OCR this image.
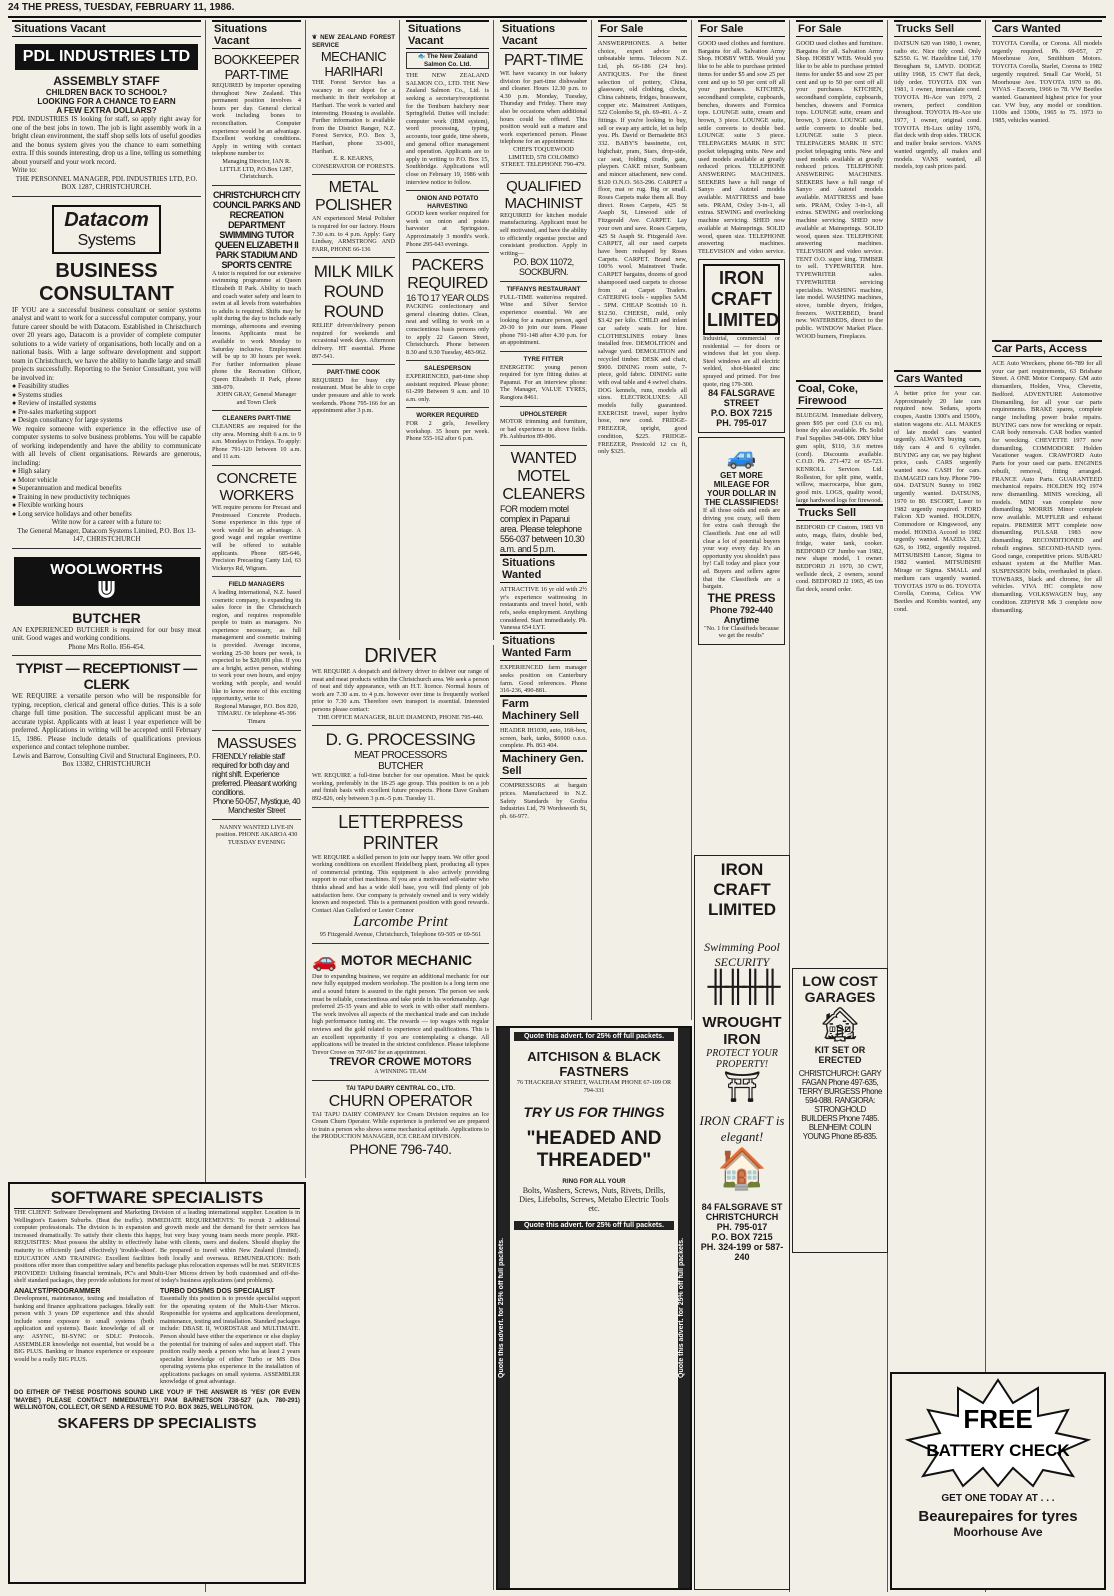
24 THE PRESS, TUESDAY, FEBRUARY 11, 1986.
Situations Vacant
PDL INDUSTRIES LTD
ASSEMBLY STAFF
CHILDREN BACK TO SCHOOL?
LOOKING FOR A CHANCE TO EARN
A FEW EXTRA DOLLARS?
PDL INDUSTRIES IS looking for staff, so apply right away for one of the best jobs in town. The job is light assembly work in a bright clean environment, the staff shop sells lots of useful goodies and the bonus system gives you the chance to earn something extra. If this sounds interesting, drop us a line, telling us something about yourself and your work record.
Write to:
THE PERSONNEL MANAGER, PDL INDUSTRIES LTD, P.O. BOX 1287, CHRISTCHURCH.
Datacom
Systems
BUSINESS
CONSULTANT
IF YOU are a successful business consultant or senior systems analyst and want to work for a successful computer company, your future career should be with Datacom. Established in Christchurch over 20 years ago, Datacom is a provider of complete computer solutions to a wide variety of organisations, both locally and on a national basis. With a large software development and support team in Christchurch, we have the ability to handle large and small projects successfully. Reporting to the Senior Consultant, you will be involved in:
● Feasibility studies
● Systems studies
● Review of installed systems
● Pre-sales marketing support
● Design consultancy for large systems
We require someone with experience in the effective use of computer systems to solve business problems. You will be capable of working independently and have the ability to communicate with all levels of client organisations. Rewards are generous, including:
● High salary
● Motor vehicle
● Superannuation and medical benefits
● Training in new productivity techniques
● Flexible working hours
● Long service holidays and other benefits
Write now for a career with a future to:
The General Manager, Datacom Systems Limited, P.O. Box 13-147, CHRISTCHURCH
WOOLWORTHS
⋓
BUTCHER
AN EXPERIENCED BUTCHER is required for our busy meat unit. Good wages and working conditions.
Phone Mrs Rollo. 856-454.
TYPIST — RECEPTIONIST — CLERK
WE REQUIRE a versatile person who will be responsible for typing, reception, clerical and general office duties. This is a sole charge full time position. The successful applicant must be an accurate typist. Applicants with at least 1 year experience will be preferred. Applications in writing will be accepted until February 15, 1986. Please include details of qualifications previous experience and contact telephone number.
Lewis and Barrow, Consulting Civil and Structural Engineers, P.O. Box 13382, CHRISTCHURCH
SOFTWARE SPECIALISTS
THE CLIENT: Software Development and Marketing Division of a leading international supplier. Location is in Wellington's Eastern Suburbs. (Beat the traffic). IMMEDIATE REQUIREMENTS: To recruit 2 additional computer professionals. The division is in expansion and growth mode and the demand for their services has increased dramatically. To satisfy their clients this happy, but very busy young team needs more people. PRE-REQUISITES: Must possess the ability to effectively liaise with clients, users and dealers. Should display the maturity to efficiently (and effectively) 'trouble-shoot'. Be prepared to travel within New Zealand (limited). EDUCATION AND TRAINING: Excellent facilities both locally and overseas. REMUNERATION: Both positions offer more than competitive salary and benefits package plus relocation expenses will be met. SERVICES PROVIDED: Utilising financial terminals, PC's and Multi-User Micros driven by both customised and off-the-shelf standard packages, they provide solutions for most of today's business applications (and problems).
ANALYST/PROGRAMMER
Development, maintenance, testing and installation of banking and finance applications packages. Ideally suit person with 3 years DP experience and this should include some exposure to small systems (both application and systems). Basic knowledge of all or any: ASYNC, BI-SYNC or SDLC Protocols. ASSEMBLER knowledge not essential, but would be a BIG PLUS. Banking or finance experience or exposure would be a really BIG PLUS.
TURBO DOS/MS DOS SPECIALIST
Essentially this position is to provide specialist support for the operating system of the Multi-User Micros. Responsible for systems and applications development, maintenance, testing and installation. Standard packages include: DBASE II, WORDSTAR and MULTIMATE. Person should have either the experience or else display the potential for training of sales and support staff. This position really needs a person who has at least 2 years specialist knowledge of either Turbo or MS Dos operating systems plus experience in the installation of applications packages on small systems. ASSEMBLER knowledge of great advantage.
DO EITHER OF THESE POSITIONS SOUND LIKE YOU? IF THE ANSWER IS 'YES' (OR EVEN 'MAYBE') PLEASE CONTACT IMMEDIATELY!! PAM BARNETSON 738-527 (a.h. 780-291) WELLINGTON, COLLECT, OR SEND A RESUME TO P.O. BOX 3625, WELLINGTON.
SKAFERS DP SPECIALISTS
Situations Vacant
BOOKKEEPER PART-TIME
REQUIRED by importer operating throughout New Zealand. This permanent position involves 4 hours per day. General clerical work including bones to reconciliation. Computer experience would be an advantage. Excellent working conditions. Apply in writing with contact telephone number to:
Managing Director, IAN R. LITTLE LTD, P.O.Box 1287, Christchurch.
CHRISTCHURCH CITY COUNCIL PARKS AND RECREATION DEPARTMENT SWIMMING TUTOR QUEEN ELIZABETH II PARK STADIUM AND SPORTS CENTRE
A tutor is required for our extensive swimming programme at Queen Elizabeth II Park. Ability to teach and coach water safety and learn to swim at all levels from waterbabies to adults is required. Shifts may be split during the day to include early mornings, afternoons and evening lessons. Applicants must be available to work Monday to Saturday inclusive. Employment will be up to 30 hours per week. For further information please phone the Recreation Officer, Queen Elizabeth II Park, phone 388-079.
JOHN GRAY, General Manager and Town Clerk
CLEANERS PART-TIME
CLEANERS are required for the city area. Morning shift 6 a.m. to 9 a.m. Mondays to Fridays. To apply: Phone 791-120 between 10 a.m. and 11 a.m.
CONCRETE WORKERS
WE require persons for Precast and Prestressed Concrete Products. Some experience in this type of work would be an advantage. A good wage and regular overtime will be offered to suitable applicants. Phone 685-646, Precision Precasting Canty Ltd, 63 Vickerys Rd, Wigram.
FIELD MANAGERS
A leading international, N.Z. based cosmetic company, is expanding its sales force in the Christchurch region, and requires responsible people to train as managers. No experience necessary, as full management and cosmetic training is provided. Average income, working 25-30 hours per week, is expected to be $20,000 plus. If you are a bright, active person, wishing to work your own hours, and enjoy working with people, and would like to know more of this exciting opportunity, write to:
Regional Manager, P.O. Box 820, TIMARU. Or telephone 45-396 Timaru
MASSUSES
FRIENDLY reliable staff required for both day and night shift. Experience preferred. Pleasant working conditions.
Phone 50-057, Mystique, 40 Manchester Street
NANNY WANTED LIVE-IN position. PHONE AKAROA 430 TUESDAY EVENING
❦ NEW ZEALAND FOREST SERVICE
MECHANIC HARIHARI
THE Forest Service has a vacancy in our depot for a mechanic in their workshop at Harihari. The work is varied and interesting. Housing is available. Further information is available from the District Ranger, N.Z. Forest Service, P.O. Box 3, Harihari, phone 33-001, Harihari.
E. R. KEARNS, CONSERVATOR OF FORESTS.
METAL POLISHER
AN experienced Metal Polisher is required for our factory. Hours 7.30 a.m. to 4 p.m. Apply: Gary Lindsay, ARMSTRONG AND FARR, PHONE 66-136
MILK MILK ROUND ROUND
RELIEF driver/delivery person required for weekends and occasional week days. Afternoon delivery. HT essential. Phone 897-541.
PART-TIME COOK
REQUIRED for busy city restaurant. Must be able to cope under pressure and able to work weekends. Phone 795-166 for an appointment after 3 p.m.
Situations Vacant
🐟 The New Zealand Salmon Co. Ltd.
THE NEW ZEALAND SALMON CO., LTD. THE New Zealand Salmon Co., Ltd. is seeking a secretary/receptionist for the Tentburn hatchery near Springfield. Duties will include: computer work (IBM system), word processing, typing, accounts, tour guide, time sheets, and general office management and operation. Applicants are to apply in writing to P.O. Box 15, Southbridge. Applications will close on February 19, 1986 with interview notice to follow.
ONION AND POTATO HARVESTING
GOOD keen worker required for work on onion and potato harvester at Springston. Approximately 3 month's work. Phone 295-643 evenings.
PACKERS REQUIRED
16 TO 17 YEAR OLDS
PACKING confectionary and general cleaning duties. Clean, neat and willing to work on a conscientious basis persons only to apply 22 Gasson Street, Christchurch. Phone between 8.30 and 9.30 Tuesday, 483-962.
SALESPERSON
EXPERIENCED, part-time shop assistant required. Please phone: 61-299 Between 9 a.m. and 10 a.m. only.
WORKER REQUIRED
FOR 2 girls, Jewellery workshop. 35 hours per week. Phone 555-162 after 6 p.m.
DRIVER
WE REQUIRE A despatch and delivery driver to deliver our range of meat and meat products within the Christchurch area. We seek a person of neat and tidy appearance, with an H.T. licence. Normal hours of work are 7.30 a.m. to 4 p.m. however over time is frequently worked prior to 7.30 a.m. Therefore own transport is essential. Interested persons please contact:
THE OFFICE MANAGER, BLUE DIAMOND, PHONE 795-440.
D. G. PROCESSING
MEAT PROCESSORS
BUTCHER
WE REQUIRE a full-time butcher for our operation. Must be quick working, preferably in the 18-25 age group. This position is on a job and finish basis with excellent future prospects. Phone Dave Graham 892-826, only between 3 p.m.-5 p.m. Tuesday 11.
LETTERPRESS PRINTER
WE REQUIRE a skilled person to join our happy team. We offer good working conditions on excellent Heidelberg plant, producing all types of commercial printing. This equipment is also actively providing support to our offset machines. If you are a motivated self-starter who thinks ahead and has a wide skill base, you will find plenty of job satisfaction here. Our company is privately owned and is very widely known and respected. This is a permanent position with good rewards. Contact Alan Gulleford or Lester Connor
Larcombe Print
95 Fitzgerald Avenue, Christchurch, Telephone 69-505 or 69-561
🚗 MOTOR MECHANIC
Due to expanding business, we require an additional mechanic for our new fully equipped modern workshop. The position is a long term one and a sound future is assured to the right person. The person we seek must be reliable, conscientious and take pride in his workmanship. Age preferred 25-35 years and able to work in with other staff members. The work involves all aspects of the mechanical trade and can include high performance tuning etc. The rewards — top wages with regular reviews and the gold related to experience and qualifications. This is an excellent opportunity if you are contemplating a change. All applications will be treated in the strictest confidence. Please telephone Trevor Crowe on 797-967 for an appointment.
TREVOR CROWE MOTORS
A WINNING TEAM
TAI TAPU DAIRY CENTRAL CO., LTD.
CHURN OPERATOR
TAI TAPU DAIRY COMPANY Ice Cream Division requires an Ice Cream Churn Operator. While experience is preferred we are prepared to train a person who shows some mechanical aptitude. Applications to the PRODUCTION MANAGER, ICE CREAM DIVISION.
PHONE 796-740.
Situations Vacant
PART-TIME
WE have vacancy in our bakery division for part-time dishwasher and cleaner. Hours 12.30 p.m. to 4.30 p.m. Monday, Tuesday, Thursday and Friday. There may also be occasions when additional hours could be offered. This position would suit a mature and work experienced person. Please telephone for an appointment:
CHEFS TOQUEWOOD LIMITED, 578 COLOMBO STREET. TELEPHONE 790-479.
QUALIFIED MACHINIST
REQUIRED for kitchen module manufacturing. Applicant must be self motivated, and have the ability to efficiently organise precise and consistant production. Apply in writing—
P.O. BOX 11072, SOCKBURN.
TIFFANYS RESTAURANT
FULL-TIME waiter/ess required. Wine and Silver Service experience essential. We are looking for a mature person, aged 20-30 to join our team. Please phone 791-148 after 4.30 p.m. for an appointment.
TYRE FITTER
ENERGETIC young person required for tyre fitting duties at Papanui. For an interview phone: The Manager, VALUE TYRES, Rangiora 8461.
UPHOLSTERER
MOTOR trimming and furniture, or bad experience in above fields. Ph. Ashburton 89-806.
WANTED MOTEL CLEANERS
FOR modern motel complex in Papanui area. Please telephone 556-037 between 10.30 a.m. and 5 p.m.
Situations Wanted
ATTRACTIVE 16 yr old with 2½ yr's experience waitressing in restaurants and travel hotel, with refs, seeks employment. Anything considered. Start immediately. Ph. Vanessa 654 LYT.
Situations Wanted Farm
EXPERIENCED farm manager seeks position on Canterbury farm. Good references. Phone 316-236, 490-881.
Farm Machinery Sell
HEADER IH1030, auto, 16ft-box, screen, bark, tanks, $6900 o.n.o. complete. Ph. 863 404.
Machinery Gen. Sell
COMPRESSORS at bargain prices. Manufactured to N.Z. Safety Standards by Grofra Industries Ltd, 79 Wordsworth St, ph. 66-977.
For Sale
ANSWERPHONES. A better choice, expert advice on unbeatable terms. Telecom N.Z. Ltd, ph. 66-186 (24 hrs). ANTIQUES. For the finest selection of pottery, China, glassware, old clothing, clocks, China cabinets, fridges, brassware, copper etc. Mainstreet Antiques, 522 Colombo St, ph. 69-491. A - Z fittings. If you're looking to buy, sell or swap any article, let us help you. Ph. David or Bernadette 863 332. BABY'S bassinette, cot, highchair, pram, Stars, drop-side, car seat, folding cradle, gate, playpen. CAKE mixer, Sunbeam and mincer attachment, new cond. $120 O.N.O. 563-296. CARPET a floor, mat or rug. Big or small. Roses Carpets make them all. Buy direct. Roses Carpets, 425 St Asaph St, Linwood side of Fitzgerald Ave. CARPET. Lay your own and save. Roses Carpets, 425 St Asaph St. Fitzgerald Ave. CARPET, all our used carpets have been reshaped by Roses Carpets. CARPET. Brand new, 100% wool. Mainstreet Trade. CARPET bargains, dozens of good shampooed used carpets to choose from at Carpet Traders. CATERING tools - supplies 5AM - 5PM. CHEAP Scottish 10 ft. $12.50. CHEESE, mild, only $3.42 per kilo. CHILD and infant car safety seats for hire. CLOTHESLINES rotary lines installed free. DEMOLITION and salvage yard. DEMOLITION and recycled timber. DESK and chair, $900. DINING room suite, 7-piece, gold fabric. DINING suite with oval table and 4 swivel chairs. DOG kennels, runs, models all sizes. ELECTROLUXES: All models fully guaranteed. EXERCISE travel, super hydro hose, new cond. FRIDGE-FREEZER, upright, good condition, $225. FRIDGE-FREEZER, Prestcold 12 cu ft, only $325.
Quote this advert. for 25% off full packets.
Quote this advert. for 25% off full packets.
AITCHISON & BLACK FASTNERS
76 THACKERAY STREET, WALTHAM PHONE 67-109 OR 794-331
TRY US FOR THINGS
"HEADED AND THREADED"
RING FOR ALL YOUR
Bolts, Washers, Screws, Nuts, Rivets, Drills, Dies, Lifebolts, Screws, Metabo Electric Tools etc.
Quote this advert. for 25% off full packets.
Quote this advert. for 25% off full packets.
For Sale
GOOD used clothes and furniture. Bargains for all. Salvation Army Shop. HOBBY WEB. Would you like to be able to purchase printed items for under $5 and sow 25 per cent and up to 50 per cent off all your purchases. KITCHEN, secondhand complete, cupboards, benches, drawers and Formica tops. LOUNGE suite, cream and brown, 3 piece. LOUNGE suite, settle converts to double bed. LOUNGE suite 3 piece. TELEPAGERS MARK II STC pocket telepaging units. New and used models available at greatly reduced prices. TELEPHONE ANSWERING MACHINES. SEEKERS have a full range of Sanyo and Autotel models available. MATTRESS and base sets. PRAM, Oxley 3-in-1, all extras. SEWING and overlocking machine servicing. SHED now available at Mainsprings. SOLID wood, queen size. TELEPHONE answering machines. TELEVISION and video service.
IRON CRAFT LIMITED
Industrial, commercial or residential — for doors or windows that let you sleep. Steel windows are all electric welded, shot-blasted zinc sprayed and primed. For free quote, ring 179-300.
84 FALSGRAVE STREET
P.O. BOX 7215
PH. 795-017
🚙
GET MORE MILEAGE FOR YOUR DOLLAR IN THE CLASSIFIEDS!
If all those odds and ends are driving you crazy, sell them for extra cash through the Classifieds. Just one ad will clear a lot of potential buyers your way every day. It's an opportunity you shouldn't pass by! Call today and place your ad. Buyers and sellers agree that the Classifieds are a bargain.
THE PRESS
Phone 792-440
Anytime
"No. 1 for Classifieds because we get the results"
For Sale
GOOD used clothes and furniture. Bargains for all. Salvation Army Shop. HOBBY WEB. Would you like to be able to purchase printed items for under $5 and sow 25 per cent and up to 50 per cent off all your purchases. KITCHEN, secondhand complete, cupboards, benches, drawers and Formica tops. LOUNGE suite, cream and brown, 3 piece. LOUNGE suite, settle converts to double bed. LOUNGE suite 3 piece. TELEPAGERS MARK II STC pocket telepaging units. New and used models available at greatly reduced prices. TELEPHONE ANSWERING MACHINES. SEEKERS have a full range of Sanyo and Autotel models available. MATTRESS and base sets. PRAM, Oxley 3-in-1, all extras. SEWING and overlocking machine servicing. SHED now available at Mainsprings. SOLID wood, queen size. TELEPHONE answering machines. TELEVISION and video service. TENT O.O. super king. TIMBER to sell. TYPEWRITER hire. TYPEWRITER sales. TYPEWRITER servicing specialists. WASHING machine, late model. WASHING machines, stove, tumble dryers, fridges, freezers. WATERBED, brand new. WATERBEDS, direct to the public. WINDOW Market Place. WOOD burners, Fireplaces.
Coal, Coke, Firewood
BLUEGUM. Immediate delivery, green $95 per cord (3.6 cu m), bone dry also available. Ph. Solid Fuel Supplies 348-006. DRY blue gum split, $110, 3.6 metres (cord). Discounts available. C.O.D. Ph. 271-472 or 65-723. KENROLL Services Ltd. Rolleston, for split pine, wattle, willow, macrocarpa, blue gum, good mix. LOGS, quality wood, large hardwood logs for firewood.
Trucks Sell
BEDFORD CF Custom, 1983 V8 auto, mags, flairs, double bed, fridge, water tank, cooker. BEDFORD CF Jumbo van 1982, new shape model, 1 owner. BEDFORD J1 1970, 30 CWT, wellside deck, 2 owners, sound cond. BEDFORD J2 1965, 45 ton flat deck, sound order.
IRON CRAFT LIMITED
Swimming Pool SECURITY
╫╫╫╫
WROUGHT IRON
PROTECT YOUR PROPERTY!
⛩
IRON CRAFT is elegant!
🏠
84 FALSGRAVE ST CHRISTCHURCH
PH. 795-017
P.O. BOX 7215
PH. 324-199 or 587-240
LOW COST GARAGES
🏚
KIT SET OR ERECTED
CHRISTCHURCH: GARY FAGAN Phone 497-635, TERRY BURGESS Phone 594-088. RANGIORA: STRONGHOLD BUILDERS Phone 7485. BLENHEIM: COLIN YOUNG Phone 85-835.
Trucks Sell
DATSUN 620 van 1980, 1 owner, radio etc. Nice tidy cond. Only $2550. G. W. Hazeldine Ltd, 170 Brougham St, LMVD. DODGE utility 1968, 15 CWT flat deck, tidy order. TOYOTA DX van 1981, 1 owner, immaculate cond. TOYOTA Hi-Ace van 1979, 2 owners, perfect condition throughout. TOYOTA Hi-Ace ute 1977, 1 owner, original cond. TOYOTA Hi-Lux utility 1976, flat deck with drop sides. TRUCK and trailer brake services. VANS wanted urgently, all makes and models. VANS wanted, all models, top cash prices paid.
Cars Wanted
A better price for your car. Approximately 20 late cars required now. Sedans, sports coupes, Austin 1300's and 1500's, station wagons etc. ALL MAKES of late model cars wanted urgently. ALWAYS buying cars, tidy cars 4 and 6 cylinder. BUYING any car, we pay highest price, cash. CARS urgently wanted now. CASH for cars. DAMAGED cars buy. Phone 799-604. DATSUN Sunny to 1982 urgently wanted. DATSUNS, 1970 to 80. ESCORT, Laser to 1982 urgently required. FORD Falcon XD wanted. HOLDEN, Commodore or Kingswood, any model. HONDA Accord to 1982 urgently wanted. MAZDA 323, 626, to 1982, urgently required. MITSUBISHI Lancer, Sigma to 1982 wanted. MITSUBISHI Mirage or Sigma. SMALL and medium cars urgently wanted. TOYOTAS 1970 to 86. TOYOTA Corolla, Corona, Celica. VW Beetles and Kombis wanted, any cond.
Cars Wanted
TOYOTA Corolla, or Corona. All models urgently required. Ph. 69-057, 27 Moorhouse Ave, Smithburn Motors. TOYOTA Corolla, Starlet, Corona to 1982 urgently required. Small Car World, 51 Moorhouse Ave. TOYOTA 1970 to 86. VIVAS - Escorts, 1966 to 78. VW Beetles wanted. Guaranteed highest price for your car. VW buy, any model or condition. 1100s and 1300s, 1965 to 75. 1973 to 1985, vehicles wanted.
Car Parts, Access
ACE Auto Wreckers, phone 66-789 for all your car part requirements, 63 Brisbane Street. A ONE Motor Company. GM auto dismantlers, Holden, Viva, Chevette, Bedford. ADVENTURE Automotive Dismantling, for all your car parts requirements. BRAKE spares, complete range including power brake repairs. BUYING cars now for wrecking or repair. CAR body removals. CAR bodies wanted for wrecking. CHEVETTE 1977 now dismantling. COMMODORE Holden Vacationer wagon. CRAWFORD Auto Parts for your used car parts. ENGINES rebuilt, removal, fitting arranged. FRANCE Auto Parts. GUARANTEED mechanical repairs. HOLDEN HQ 1974 now dismantling. MINIS wrecking, all models. MINI van complete now dismantling. MORRIS Minor complete now available. MUFFLER and exhaust repairs. PREMIER MTT complete now dismantling. PULSAR 1983 now dismantling. RECONDITIONED and rebuilt engines. SECOND-HAND tyres. Good range, competitive prices. SUBARU exhaust system at the Muffler Man. SUSPENSION bolts, overhauled in place. TOWBARS, black and chrome, for all vehicles. VIVA HC complete now dismantling. VOLKSWAGEN buy, any condition. ZEPHYR Mk 3 complete now dismantling.
FREE
BATTERY CHECK
GET ONE TODAY AT . . .
Beaurepaires for tyres
Moorhouse Ave
